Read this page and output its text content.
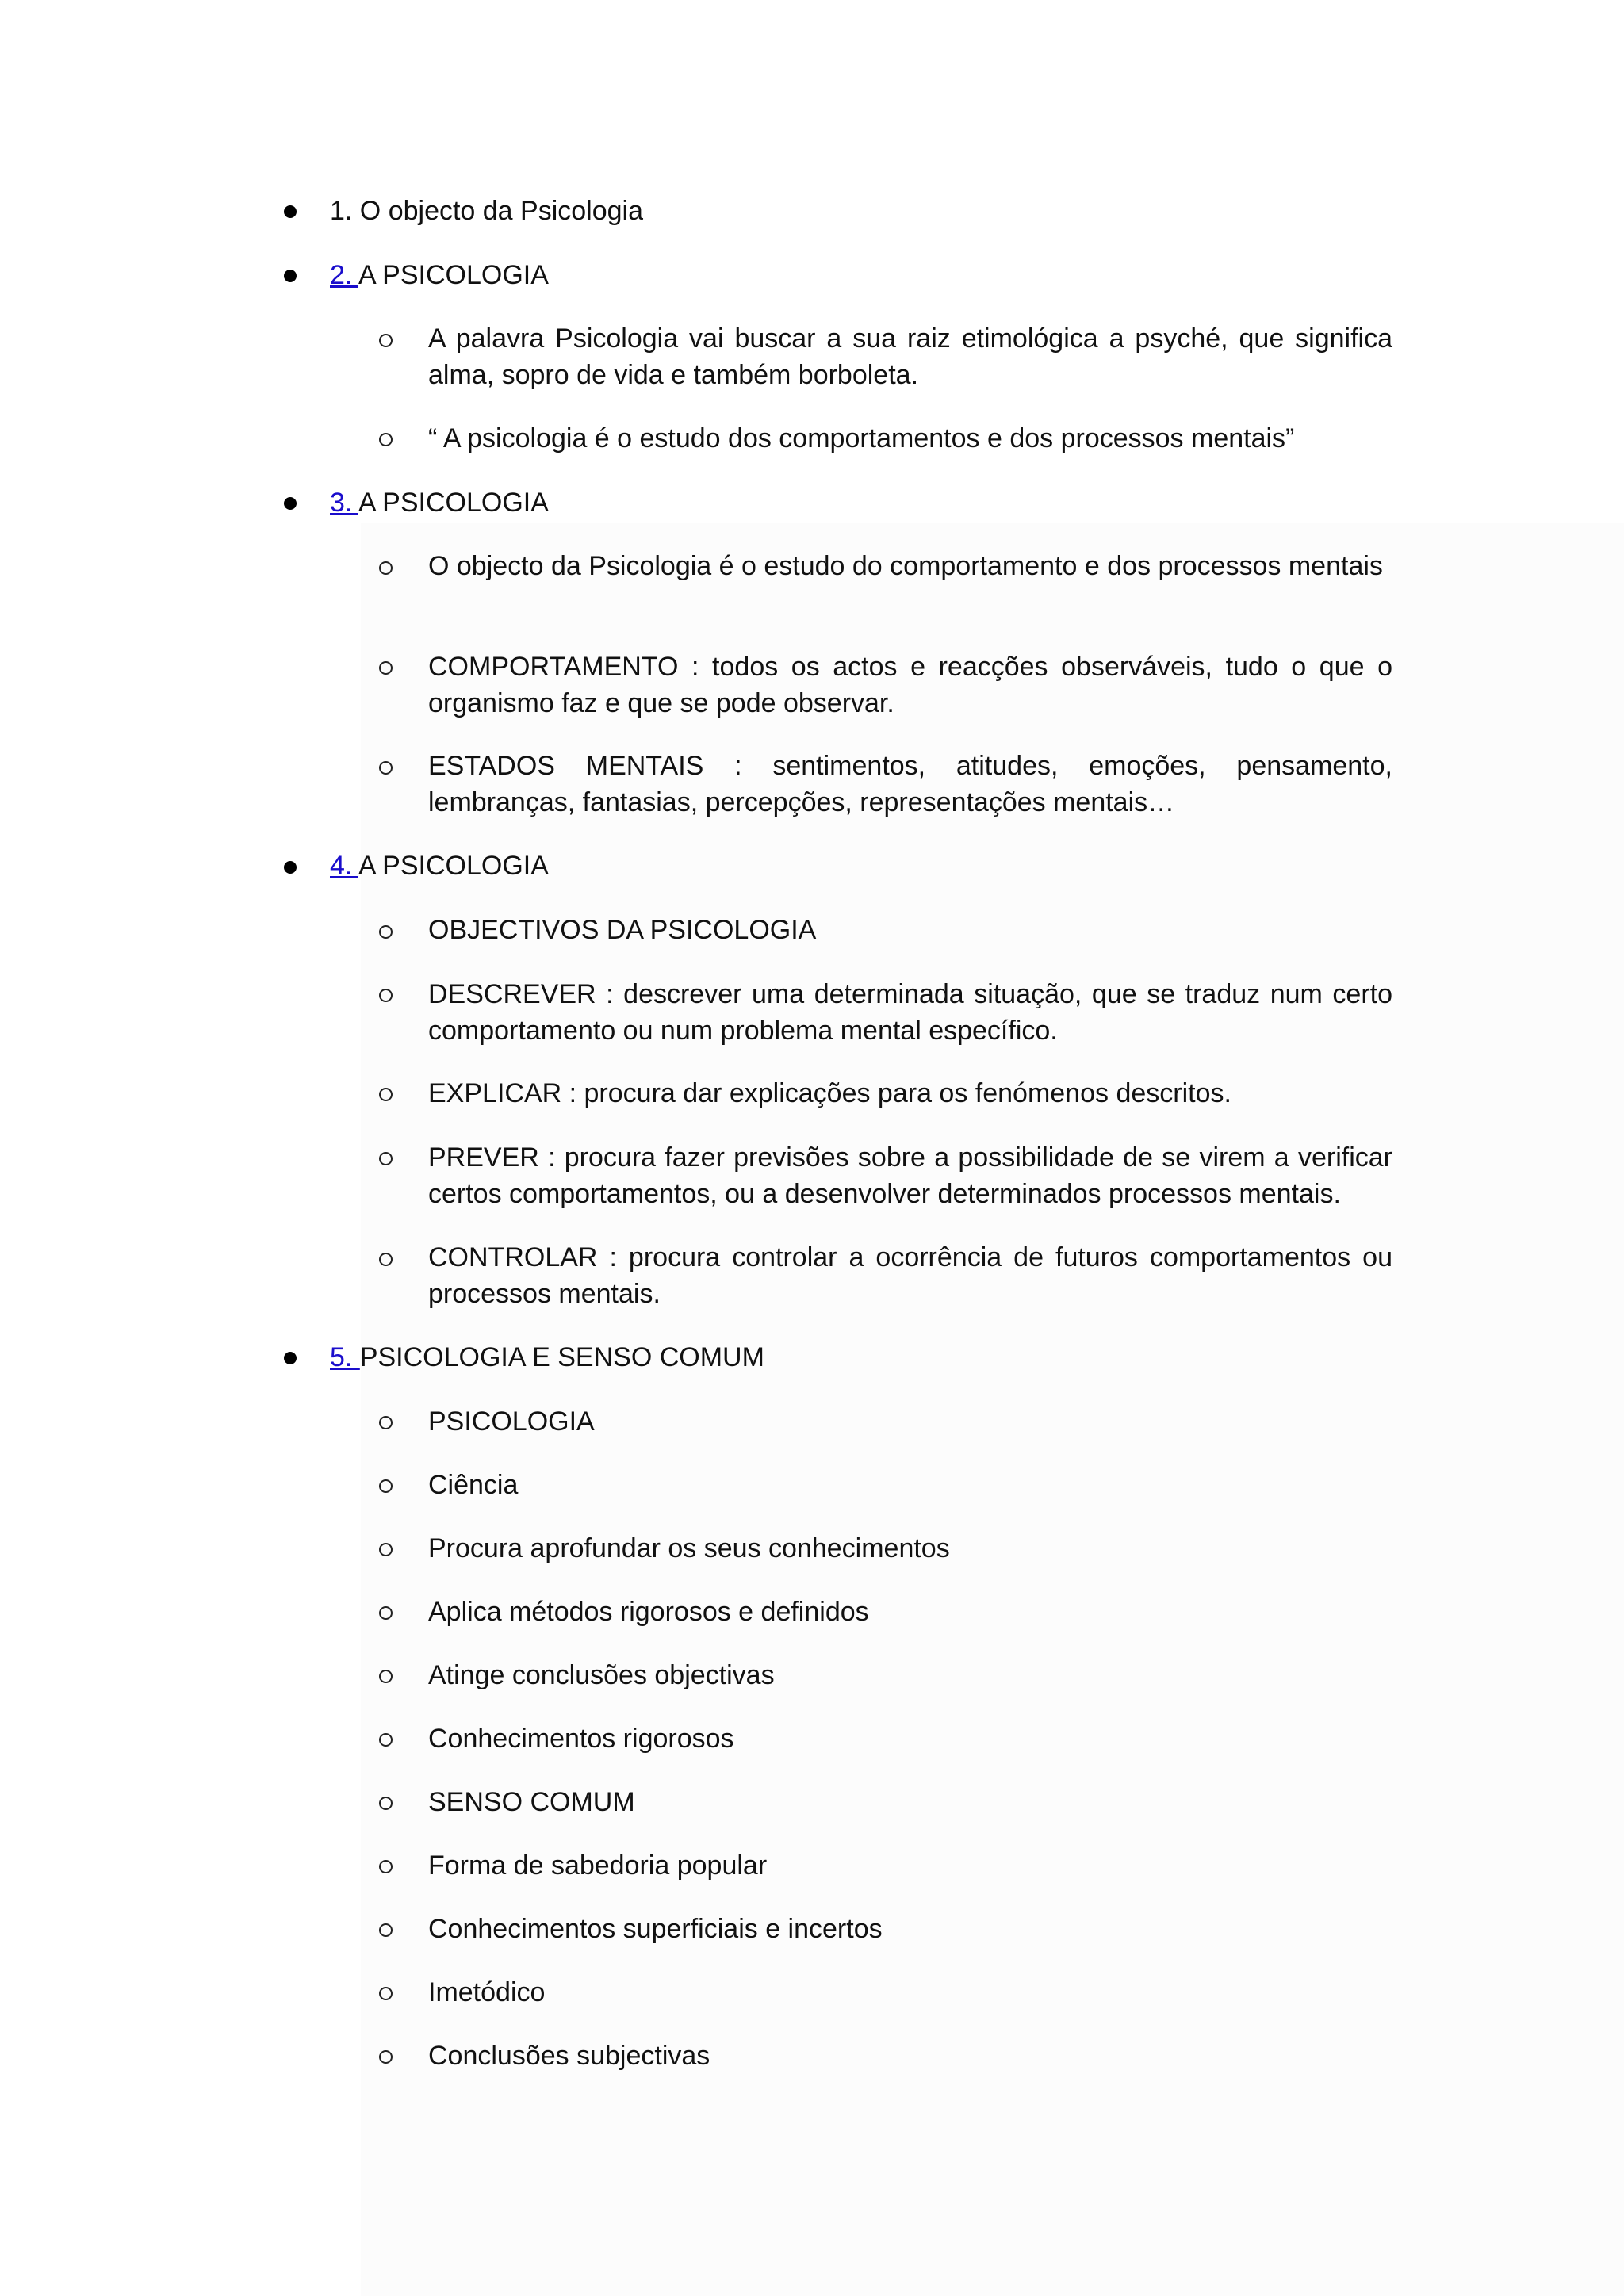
1. O objecto da Psicologia
2. A PSICOLOGIA
A palavra Psicologia vai buscar a sua raiz etimológica a psyché, que significa alma, sopro de vida e também borboleta.
“ A psicologia é o estudo dos comportamentos e dos processos mentais”
3. A PSICOLOGIA
O objecto da Psicologia é o estudo do comportamento e dos processos mentais
COMPORTAMENTO : todos os actos e reacções observáveis, tudo o que o organismo faz e que se pode observar.
ESTADOS MENTAIS : sentimentos, atitudes, emoções, pensamento, lembranças, fantasias, percepções, representações mentais…
4. A PSICOLOGIA
OBJECTIVOS DA PSICOLOGIA
DESCREVER : descrever uma determinada situação, que se traduz num certo comportamento ou num problema mental específico.
EXPLICAR : procura dar explicações para os fenómenos descritos.
PREVER : procura fazer previsões sobre a possibilidade de se virem a verificar certos comportamentos, ou a desenvolver determinados processos mentais.
CONTROLAR : procura controlar a ocorrência de futuros comportamentos ou processos mentais.
5. PSICOLOGIA E SENSO COMUM
PSICOLOGIA
Ciência
Procura aprofundar os seus conhecimentos
Aplica métodos rigorosos e definidos
Atinge conclusões objectivas
Conhecimentos rigorosos
SENSO COMUM
Forma de sabedoria popular
Conhecimentos superficiais e incertos
Imetódico
Conclusões subjectivas
